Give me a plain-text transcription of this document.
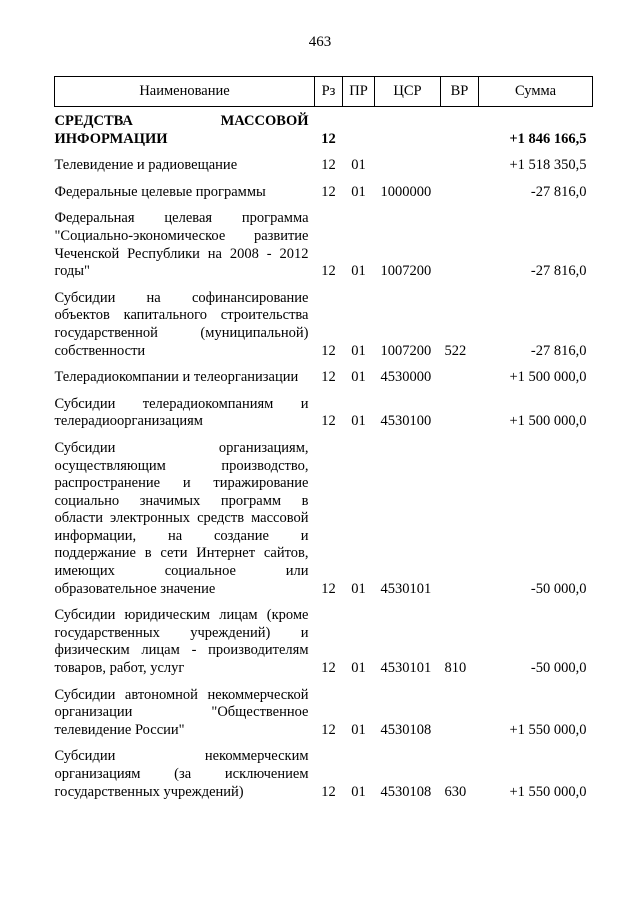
463
Наименование	Рз	ПР	ЦСР	ВР	Сумма
СРЕДСТВА МАССОВОЙ ИНФОРМАЦИИ	12				+1 846 166,5
Телевидение и радиовещание	12	01			+1 518 350,5
Федеральные целевые программы	12	01	1000000		-27 816,0
Федеральная целевая программа "Социально-экономическое развитие Чеченской Республики на 2008 - 2012 годы"	12	01	1007200		-27 816,0
Субсидии на софинансирование объектов капитального строительства государственной (муниципальной) собственности	12	01	1007200	522	-27 816,0
Телерадиокомпании и телеорганизации	12	01	4530000		+1 500 000,0
Субсидии телерадиокомпаниям и телерадиоорганизациям	12	01	4530100		+1 500 000,0
Субсидии организациям, осуществляющим производство, распространение и тиражирование социально значимых программ в области электронных средств массовой информации, на создание и поддержание в сети Интернет сайтов, имеющих социальное или образовательное значение	12	01	4530101		-50 000,0
Субсидии юридическим лицам (кроме государственных учреждений) и физическим лицам - производителям товаров, работ, услуг	12	01	4530101	810	-50 000,0
Субсидии автономной некоммерческой организации "Общественное телевидение России"	12	01	4530108		+1 550 000,0
Субсидии некоммерческим организациям (за исключением государственных учреждений)	12	01	4530108	630	+1 550 000,0
